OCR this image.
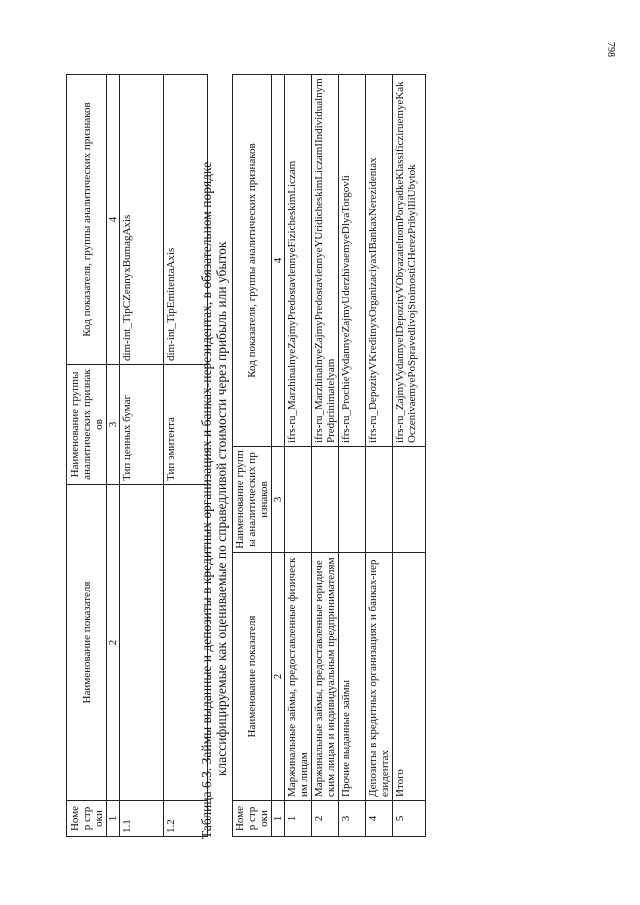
798
Номер строки	Наименование показателя	Наименование группы аналитических признаков	Код показателя, группы аналитических признаков
1	2	3	4
1.1		Тип ценных бумаг	dim-int_TipCZennyxBumagAxis
1.2		Тип эмитента	dim-int_TipEmitentaAxis Таблица 6.3. Займы выданные и депозиты в кредитных организациях и банках-нерезидентах, в обязательном порядке классифицируемые как оцениваемые по справедливой стоимости через прибыль или убыток
Номер строки	Наименование показателя	Наименование группы аналитических признаков	Код показателя, группы аналитических признаков
1	2	3	4
1	Маржинальные займы, предоставленные физическим лицам		ifrs-ru_MarzhinalnyeZajmyPredostavlennyeFizicheskimLiczam
2	Маржинальные займы, предоставленные юридическим лицам и индивидуальным предпринимателям		ifrs-ru_MarzhinalnyeZajmyPredostavlennyeYUridicheskimLiczamIIndividualnymPredprinimatelyam
3	Прочие выданные займы		ifrs-ru_ProchieVydannyeZajmyUderzhivaemyeDlyaTorgovli
4	Депозиты в кредитных организациях и банках-нерезидентах		ifrs-ru_DepozityVKreditnyxOrganizaciyaxIBankaxNerezidentax
5	Итого		ifrs-ru_ZajmyVydannyeIDepozityVObyazatelnomPoryadkeKlassificziruemyeKakOczenivaemyePoSpravedlivojStoimostiCHerezPribylIliUbytok
